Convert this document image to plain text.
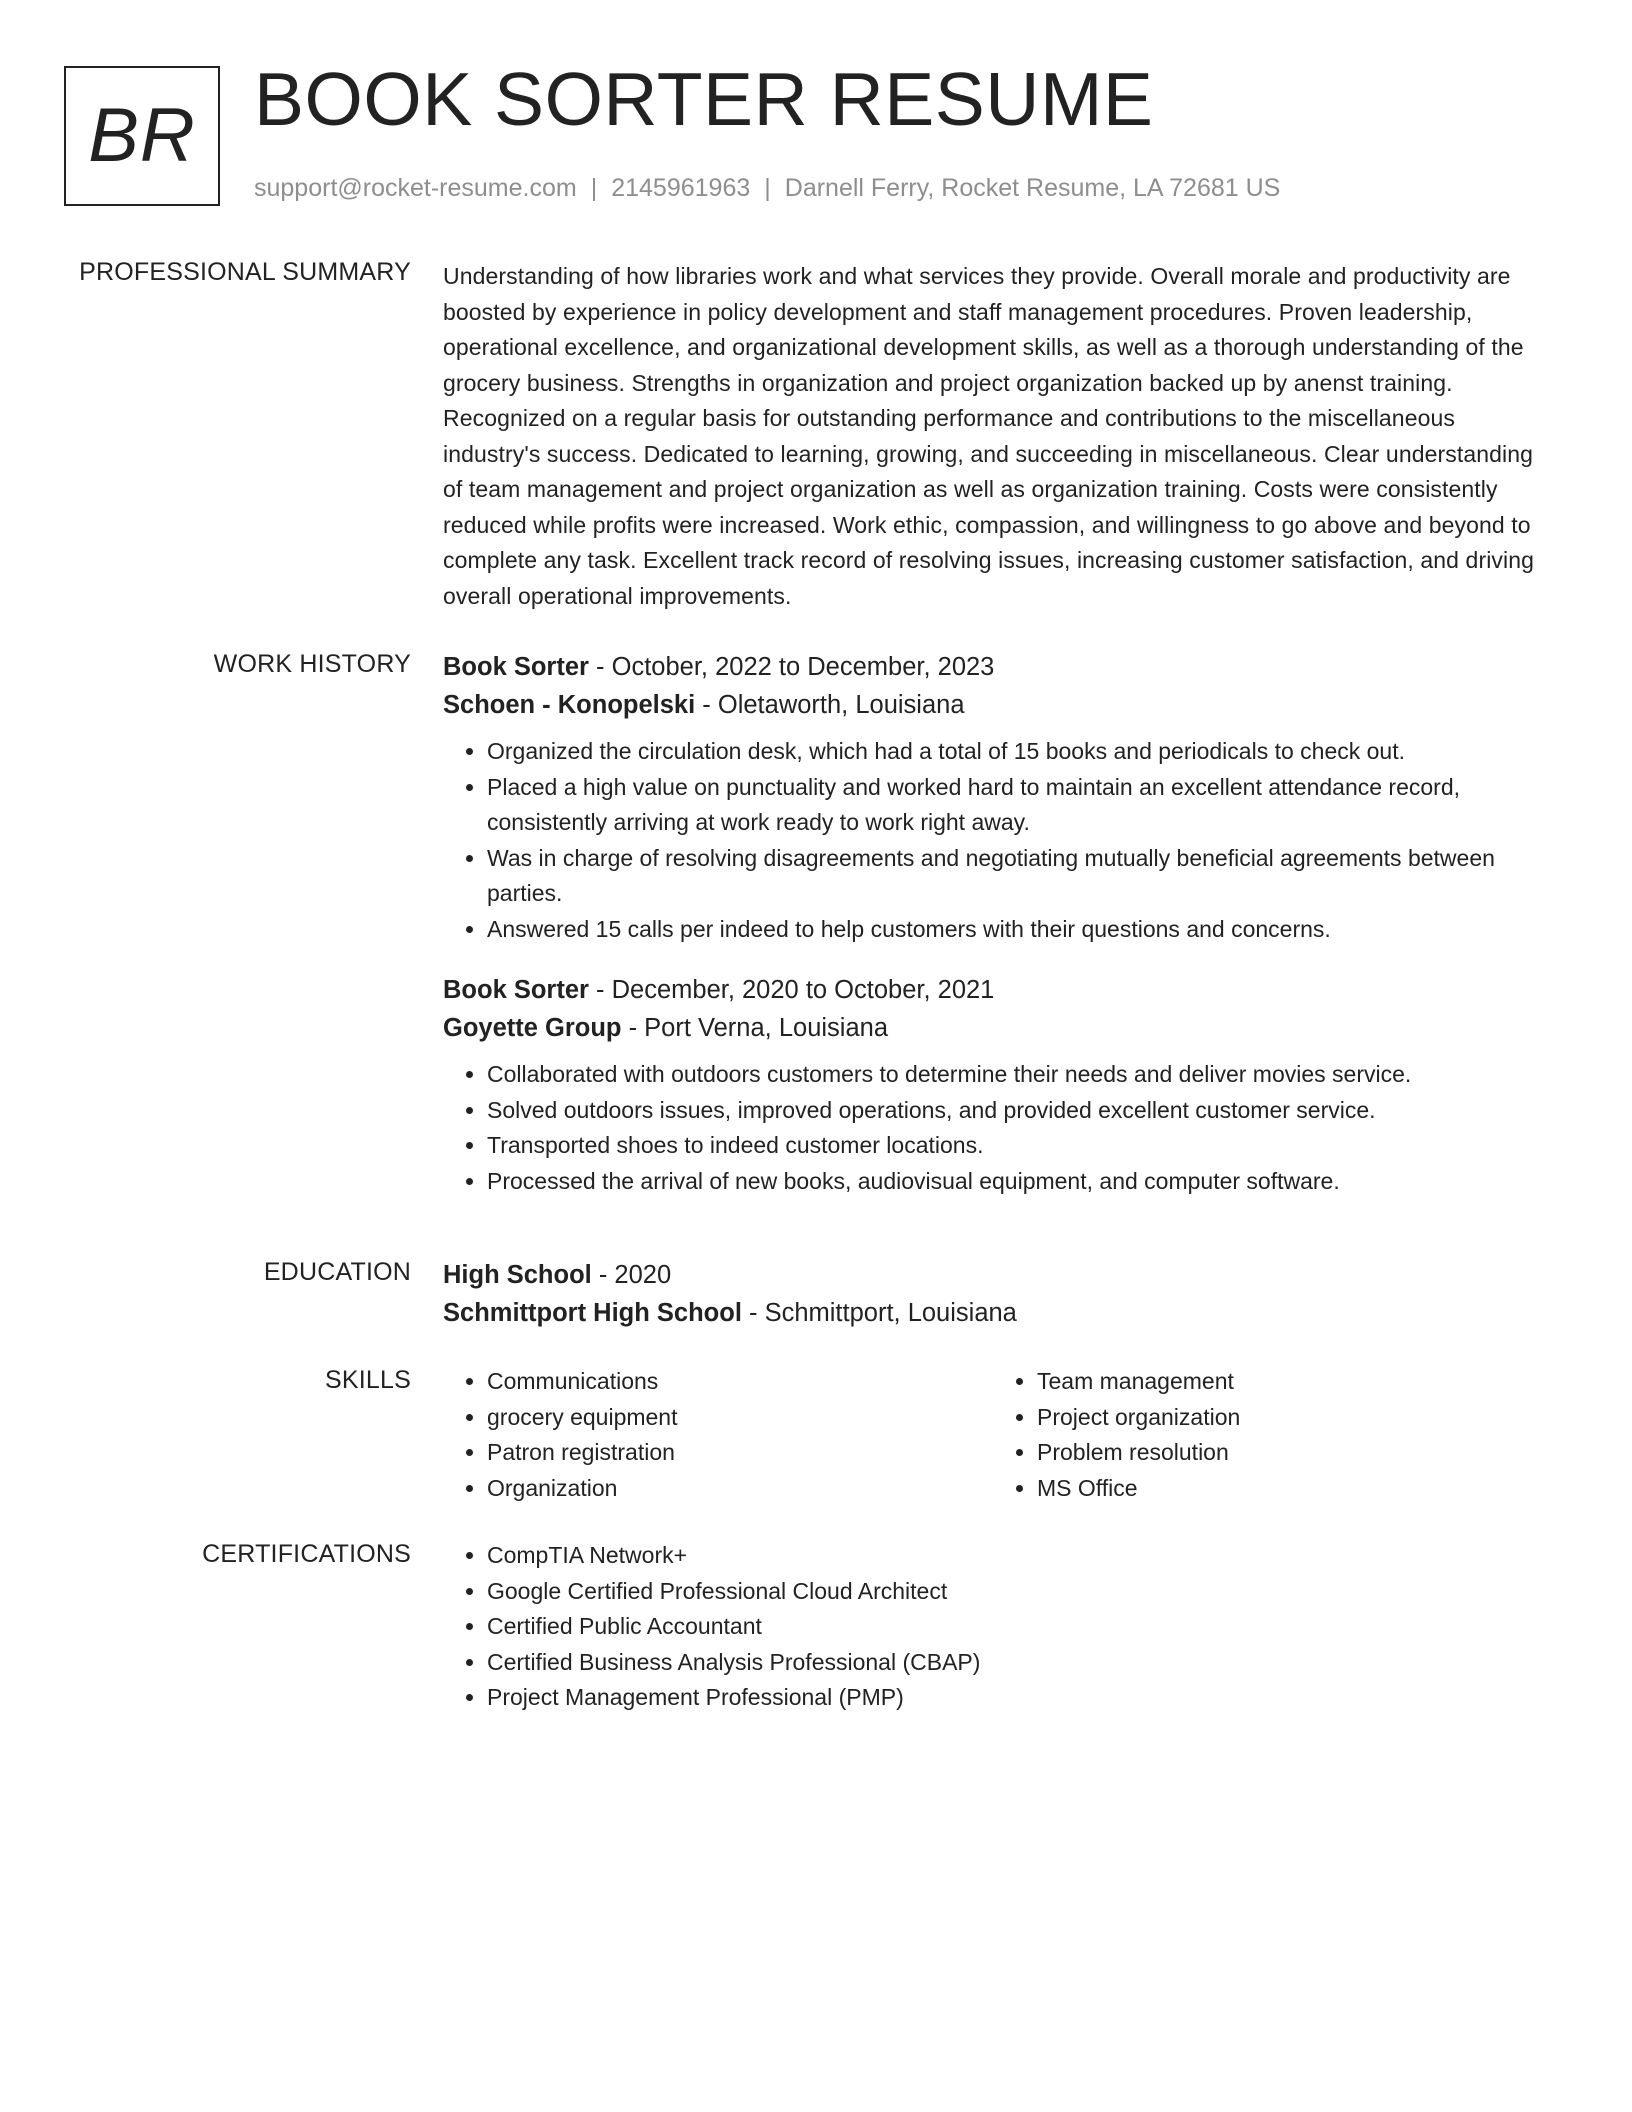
BR BOOK SORTER RESUME
support@rocket-resume.com | 2145961963 | Darnell Ferry, Rocket Resume, LA 72681 US
PROFESSIONAL SUMMARY Understanding of how libraries work and what services they provide. Overall morale and productivity are boosted by experience in policy development and staff management procedures. Proven leadership, operational excellence, and organizational development skills, as well as a thorough understanding of the grocery business. Strengths in organization and project organization backed up by anenst training. Recognized on a regular basis for outstanding performance and contributions to the miscellaneous industry's success. Dedicated to learning, growing, and succeeding in miscellaneous. Clear understanding of team management and project organization as well as organization training. Costs were consistently reduced while profits were increased. Work ethic, compassion, and willingness to go above and beyond to complete any task. Excellent track record of resolving issues, increasing customer satisfaction, and driving overall operational improvements.

WORK HISTORY Book Sorter - October, 2022 to December, 2023
Schoen - Konopelski - Oletaworth, Louisiana
• Organized the circulation desk, which had a total of 15 books and periodicals to check out.
• Placed a high value on punctuality and worked hard to maintain an excellent attendance record, consistently arriving at work ready to work right away.
• Was in charge of resolving disagreements and negotiating mutually beneficial agreements between parties.
• Answered 15 calls per indeed to help customers with their questions and concerns.
Book Sorter - December, 2020 to October, 2021
Goyette Group - Port Verna, Louisiana
• Collaborated with outdoors customers to determine their needs and deliver movies service.
• Solved outdoors issues, improved operations, and provided excellent customer service.
• Transported shoes to indeed customer locations.
• Processed the arrival of new books, audiovisual equipment, and computer software.
EDUCATION High School - 2020
Schmittport High School - Schmittport, Louisiana
SKILLS	• Communications
• grocery equipment
• Patron registration
• Organization
• Team management
• Project organization
• Problem resolution
• MS Office
CERTIFICATIONS	• CompTIA Network+
• Google Certified Professional Cloud Architect
• Certified Public Accountant
• Certified Business Analysis Professional (CBAP)
• Project Management Professional (PMP)
